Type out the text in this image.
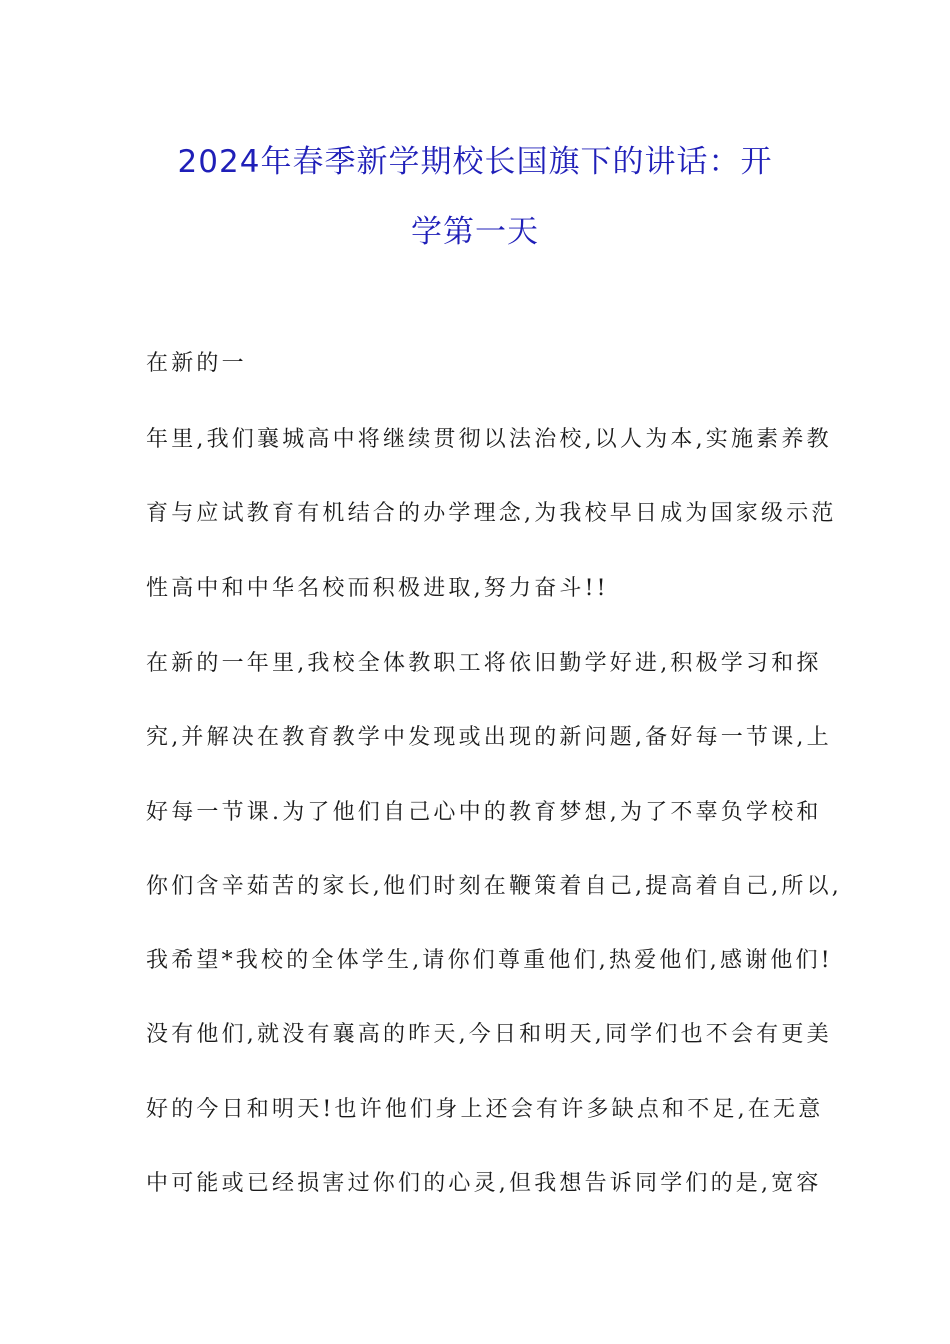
2024年春季新学期校长国旗下的讲话：开
学第一天

在新的一

年里,我们襄城高中将继续贯彻以法治校,以人为本,实施素养教

育与应试教育有机结合的办学理念,为我校早日成为国家级示范

性高中和中华名校而积极进取,努力奋斗!!

在新的一年里,我校全体教职工将依旧勤学好进,积极学习和探

究,并解决在教育教学中发现或出现的新问题,备好每一节课,上

好每一节课.为了他们自己心中的教育梦想,为了不辜负学校和

你们含辛茹苦的家长,他们时刻在鞭策着自己,提高着自己,所以,

我希望*我校的全体学生,请你们尊重他们,热爱他们,感谢他们!

没有他们,就没有襄高的昨天,今日和明天,同学们也不会有更美

好的今日和明天!也许他们身上还会有许多缺点和不足,在无意

中可能或已经损害过你们的心灵,但我想告诉同学们的是,宽容
